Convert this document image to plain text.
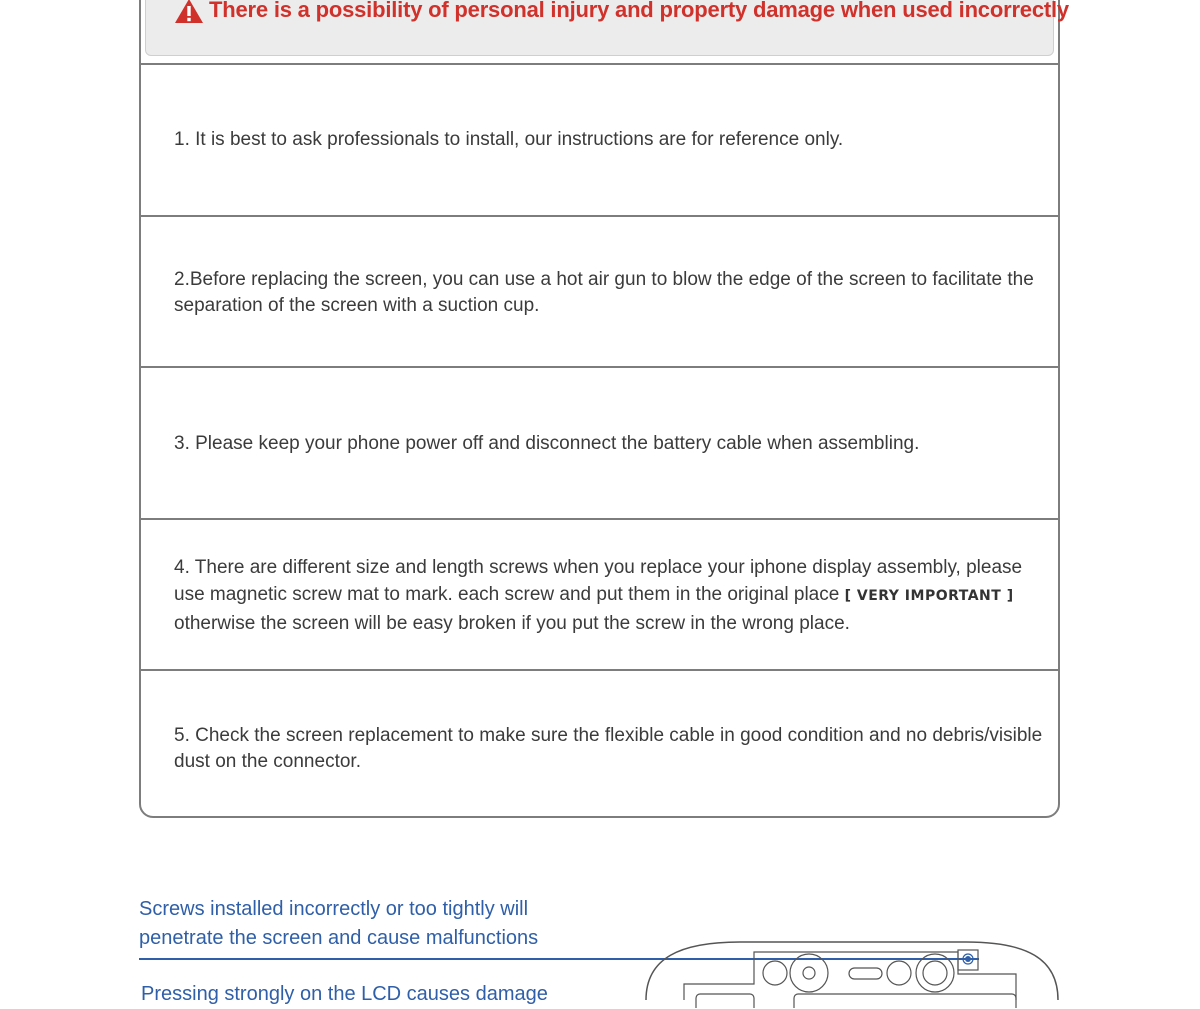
There is a possibility of personal injury and property damage when used incorrectly
1. It is best to ask professionals to install, our instructions are for reference only.
2.Before replacing the screen, you can use a hot air gun to blow the edge of the screen to facilitate the separation of the screen with a suction cup.
3. Please keep your phone power off and disconnect the battery cable when assembling.
4. There are different size and length screws when you replace your iphone display assembly, please use magnetic screw mat to mark. each screw and put them in the original place [ VERY IMPORTANT ] otherwise the screen will be easy broken if you put the screw in the wrong place.
5. Check the screen replacement to make sure the flexible cable in good condition and no debris/visible dust on the connector.
Screws installed incorrectly or too tightly will
penetrate the screen and cause malfunctions
Pressing strongly on the LCD causes damage
